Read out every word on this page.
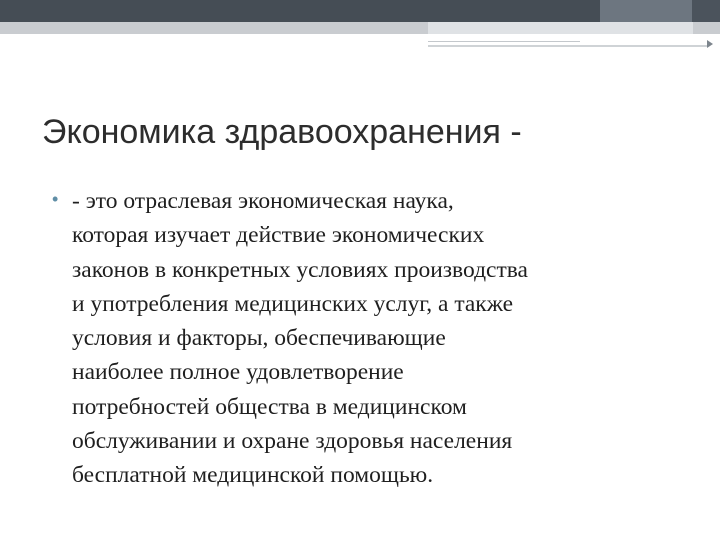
Экономика здравоохранения -
• - это отраслевая экономическая наука,
которая изучает действие экономических
законов в конкретных условиях производства
и употребления медицинских услуг, а также
условия и факторы, обеспечивающие
наиболее полное удовлетворение
потребностей общества в медицинском
обслуживании и охране здоровья населения
бесплатной медицинской помощью.
